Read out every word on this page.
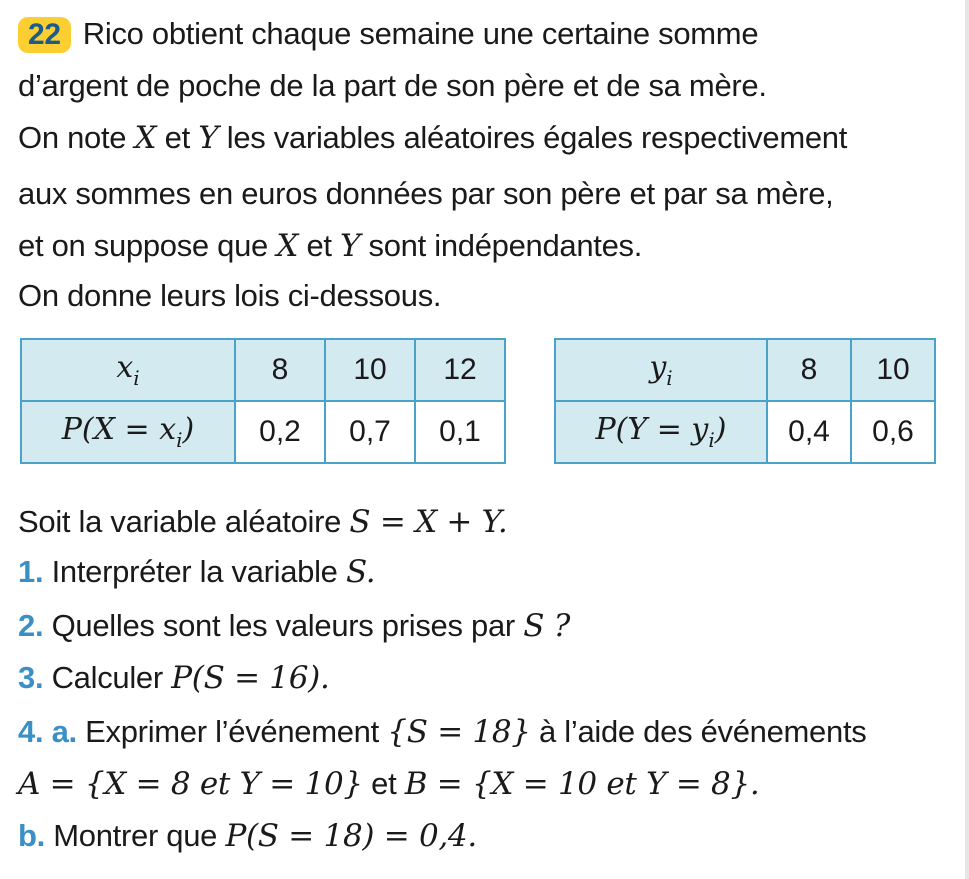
22 Rico obtient chaque semaine une certaine somme
d’argent de poche de la part de son père et de sa mère.
On note X et Y les variables aléatoires égales respectivement
aux sommes en euros données par son père et par sa mère,
et on suppose que X et Y sont indépendantes.
On donne leurs lois ci-dessous.
$x_i$	8	10	12
$P(X = x_i)$	0,2	0,7	0,1
$y_i$	8	10
$P(Y = y_i)$	0,4	0,6
Soit la variable aléatoire S = X + Y.
1. Interpréter la variable S.
2. Quelles sont les valeurs prises par S ?
3. Calculer P(S = 16).
4. a. Exprimer l’événement {S = 18} à l’aide des événements
A = {X = 8 et Y = 10} et B = {X = 10 et Y = 8}.
b. Montrer que P(S = 18) = 0,4.
